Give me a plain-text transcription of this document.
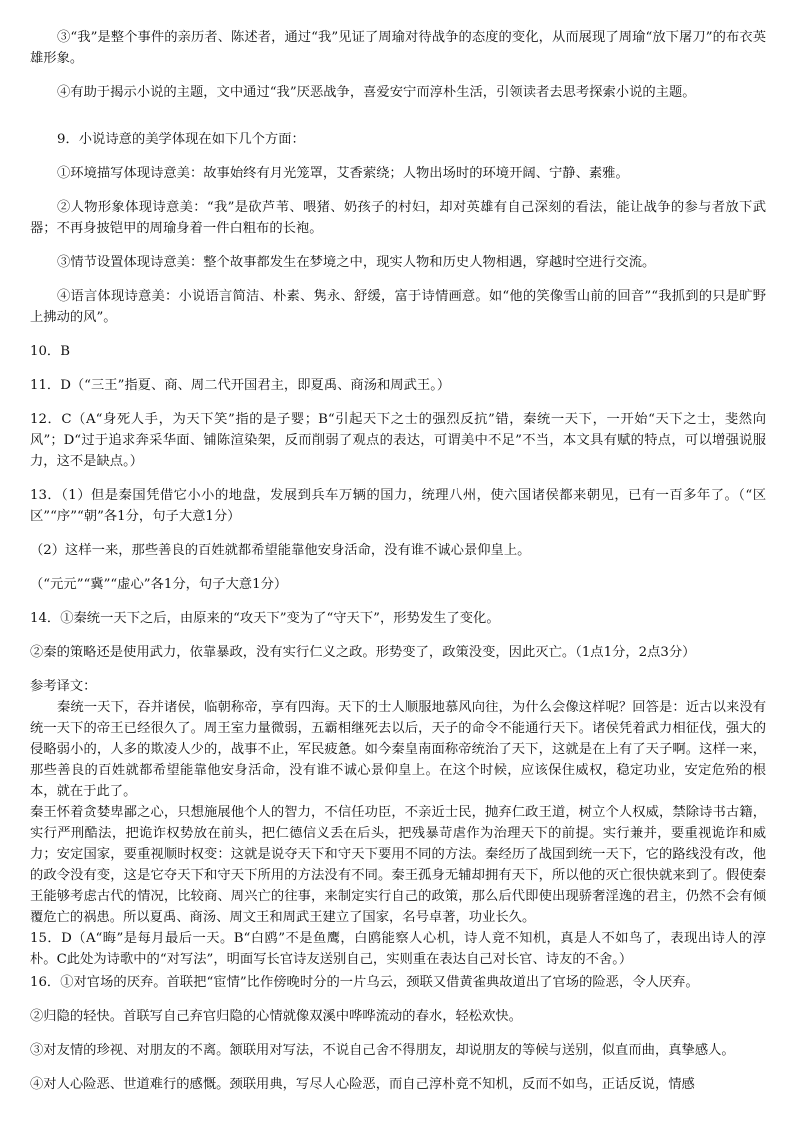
③“我”是整个事件的亲历者、陈述者，通过“我”见证了周瑜对待战争的态度的变化，从而展现了周瑜“放下屠刀”的布衣英雄形象。

④有助于揭示小说的主题，文中通过“我”厌恶战争，喜爱安宁而淳朴生活，引领读者去思考探索小说的主题。

9．小说诗意的美学体现在如下几个方面：

①环境描写体现诗意美：故事始终有月光笼罩，艾香萦绕；人物出场时的环境开阔、宁静、素雅。

②人物形象体现诗意美：“我”是砍芦苇、喂猪、奶孩子的村妇，却对英雄有自己深刻的看法，能让战争的参与者放下武器；不再身披铠甲的周瑜身着一件白粗布的长袍。

③情节设置体现诗意美：整个故事都发生在梦境之中，现实人物和历史人物相遇，穿越时空进行交流。

④语言体现诗意美：小说语言简洁、朴素、隽永、舒缓，富于诗情画意。如“他的笑像雪山前的回音”“我抓到的只是旷野上拂动的风”。

10．B

11．D（“三王”指夏、商、周二代开国君主，即夏禹、商汤和周武王。）

12．C（A“身死人手，为天下笑”指的是子婴；B“引起天下之士的强烈反抗”错，秦统一天下，一开始“天下之士，斐然向风”；D“过于追求奔采华面、铺陈渲染架，反而削弱了观点的表达，可谓美中不足”不当，本文具有赋的特点，可以增强说服力，这不是缺点。）

13．（1）但是秦国凭借它小小的地盘，发展到兵车万辆的国力，统理八州，使六国诸侯都来朝见，已有一百多年了。（“区区”“序”“朝”各1分，句子大意1分）

（2）这样一来，那些善良的百姓就都希望能靠他安身活命，没有谁不诚心景仰皇上。

（“元元”“冀”“虚心”各1分，句子大意1分）

14．①秦统一天下之后，由原来的“攻天下”变为了“守天下”，形势发生了变化。

②秦的策略还是使用武力，依靠暴政，没有实行仁义之政。形势变了，政策没变，因此灭亡。（1点1分，2点3分）

参考译文：

秦统一天下，吞并诸侯，临朝称帝，享有四海。天下的士人顺服地慕风向往，为什么会像这样呢？回答是：近古以来没有统一天下的帝王已经很久了。周王室力量微弱，五霸相继死去以后，天子的命令不能通行天下。诸侯凭着武力相征伐，强大的侵略弱小的，人多的欺凌人少的，战事不止，军民疲惫。如今秦皇南面称帝统治了天下，这就是在上有了天子啊。这样一来，那些善良的百姓就都希望能靠他安身活命，没有谁不诚心景仰皇上。在这个时候，应该保住威权，稳定功业，安定危殆的根本，就在于此了。

秦王怀着贪婪卑鄙之心，只想施展他个人的智力，不信任功臣，不亲近士民，抛弃仁政王道，树立个人权威，禁除诗书古籍，实行严刑酷法，把诡诈权势放在前头，把仁德信义丢在后头，把残暴苛虐作为治理天下的前提。实行兼并，要重视诡诈和威力；安定国家，要重视顺时权变：这就是说夺天下和守天下要用不同的方法。秦经历了战国到统一天下，它的路线没有改，他的政令没有变，这是它夺天下和守天下所用的方法没有不同。秦王孤身无辅却拥有天下，所以他的灭亡很快就来到了。假使秦王能够考虑古代的情况，比较商、周兴亡的往事，来制定实行自己的政策，那么后代即使出现骄奢淫逸的君主，仍然不会有倾覆危亡的祸患。所以夏禹、商汤、周文王和周武王建立了国家，名号卓著，功业长久。

15．D（A“晦”是每月最后一天。B“白鸥”不是鱼鹰，白鸥能察人心机，诗人竟不知机，真是人不如鸟了，表现出诗人的淳朴。C此处为诗歌中的“对写法”，明面写长官诗友送别自己，实则重在表达自己对长官、诗友的不舍。）

16．①对官场的厌弃。首联把“宦情”比作傍晚时分的一片乌云，颈联又借黄雀典故道出了官场的险恶，令人厌弃。

②归隐的轻快。首联写自己弃官归隐的心情就像双溪中哗哗流动的春水，轻松欢快。

③对友情的珍视、对朋友的不离。颔联用对写法，不说自己舍不得朋友，却说朋友的等候与送别，似直而曲，真挚感人。

④对人心险恶、世道难行的感慨。颈联用典，写尽人心险恶，而自己淳朴竟不知机，反而不如鸟，正话反说，情感
